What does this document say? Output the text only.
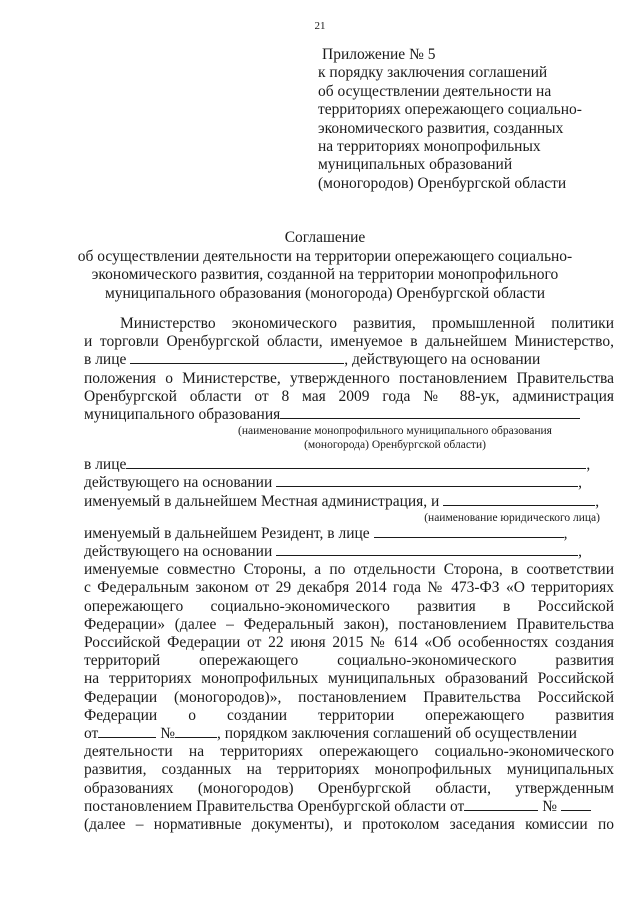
21
Приложение № 5
к порядку заключения соглашений
об осуществлении деятельности на
территориях опережающего социально-
экономического развития, созданных
на территориях монопрофильных
муниципальных образований
(моногородов) Оренбургской области
Соглашение
об осуществлении деятельности на территории опережающего социально-
экономического развития, созданной на территории монопрофильного
муниципального образования (моногорода) Оренбургской области
Министерство экономического развития, промышленной политики
и торговли Оренбургской области, именуемое в дальнейшем Министерство,
в лице	, действующего на основании
положения о Министерстве, утвержденного постановлением Правительства
Оренбургской области от 8 мая 2009 года № 88-ук, администрация
муниципального образования
(наименование монопрофильного муниципального образования
(моногорода) Оренбургской области)
в лице	,
действующего на основании	,
именуемый в дальнейшем Местная администрация, и	,
(наименование юридического лица)
именуемый в дальнейшем Резидент, в лице	,
действующего на основании	,
именуемые совместно Стороны, а по отдельности Сторона, в соответствии
с Федеральным законом от 29 декабря 2014 года № 473-ФЗ «О территориях
опережающего социально-экономического развития в Российской
Федерации» (далее – Федеральный закон), постановлением Правительства
Российской Федерации от 22 июня 2015 № 614 «Об особенностях создания
территорий опережающего социально-экономического развития
на территориях монопрофильных муниципальных образований Российской
Федерации (моногородов)», постановлением Правительства Российской
Федерации о создании территории опережающего развития
от	№	, порядком заключения соглашений об осуществлении
деятельности на территориях опережающего социально-экономического
развития, созданных на территориях монопрофильных муниципальных
образованиях (моногородов) Оренбургской области, утвержденным
постановлением Правительства Оренбургской области от	№
(далее – нормативные документы), и протоколом заседания комиссии по
